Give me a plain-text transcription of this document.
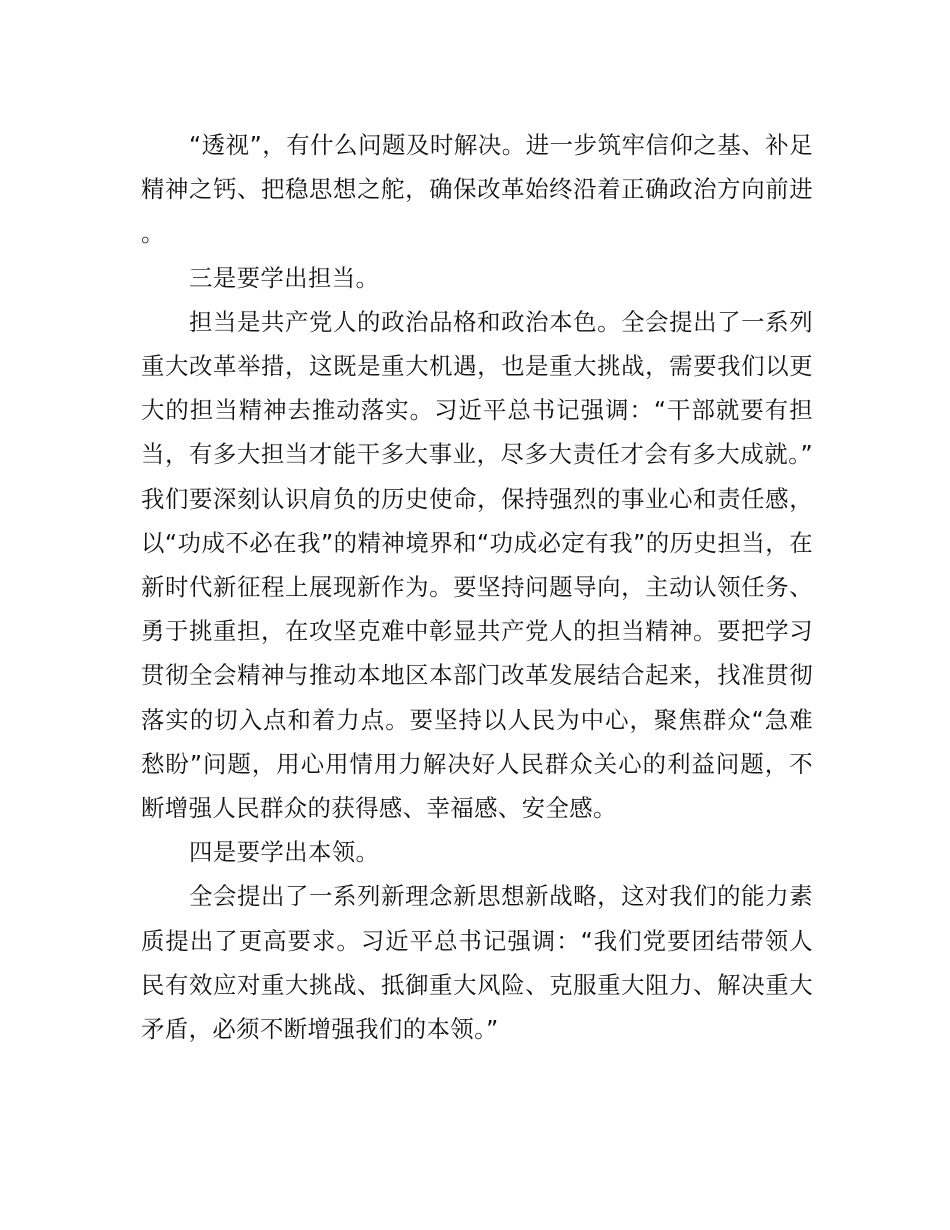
“透视”，有什么问题及时解决。进一步筑牢信仰之基、补足精神之钙、把稳思想之舵，确保改革始终沿着正确政治方向前进。

三是要学出担当。

担当是共产党人的政治品格和政治本色。全会提出了一系列重大改革举措，这既是重大机遇，也是重大挑战，需要我们以更大的担当精神去推动落实。习近平总书记强调：“干部就要有担当，有多大担当才能干多大事业，尽多大责任才会有多大成就。”我们要深刻认识肩负的历史使命，保持强烈的事业心和责任感，以“功成不必在我”的精神境界和“功成必定有我”的历史担当，在新时代新征程上展现新作为。要坚持问题导向，主动认领任务、勇于挑重担，在攻坚克难中彰显共产党人的担当精神。要把学习贯彻全会精神与推动本地区本部门改革发展结合起来，找准贯彻落实的切入点和着力点。要坚持以人民为中心，聚焦群众“急难愁盼”问题，用心用情用力解决好人民群众关心的利益问题，不断增强人民群众的获得感、幸福感、安全感。

四是要学出本领。

全会提出了一系列新理念新思想新战略，这对我们的能力素质提出了更高要求。习近平总书记强调：“我们党要团结带领人民有效应对重大挑战、抵御重大风险、克服重大阻力、解决重大矛盾，必须不断增强我们的本领。”
